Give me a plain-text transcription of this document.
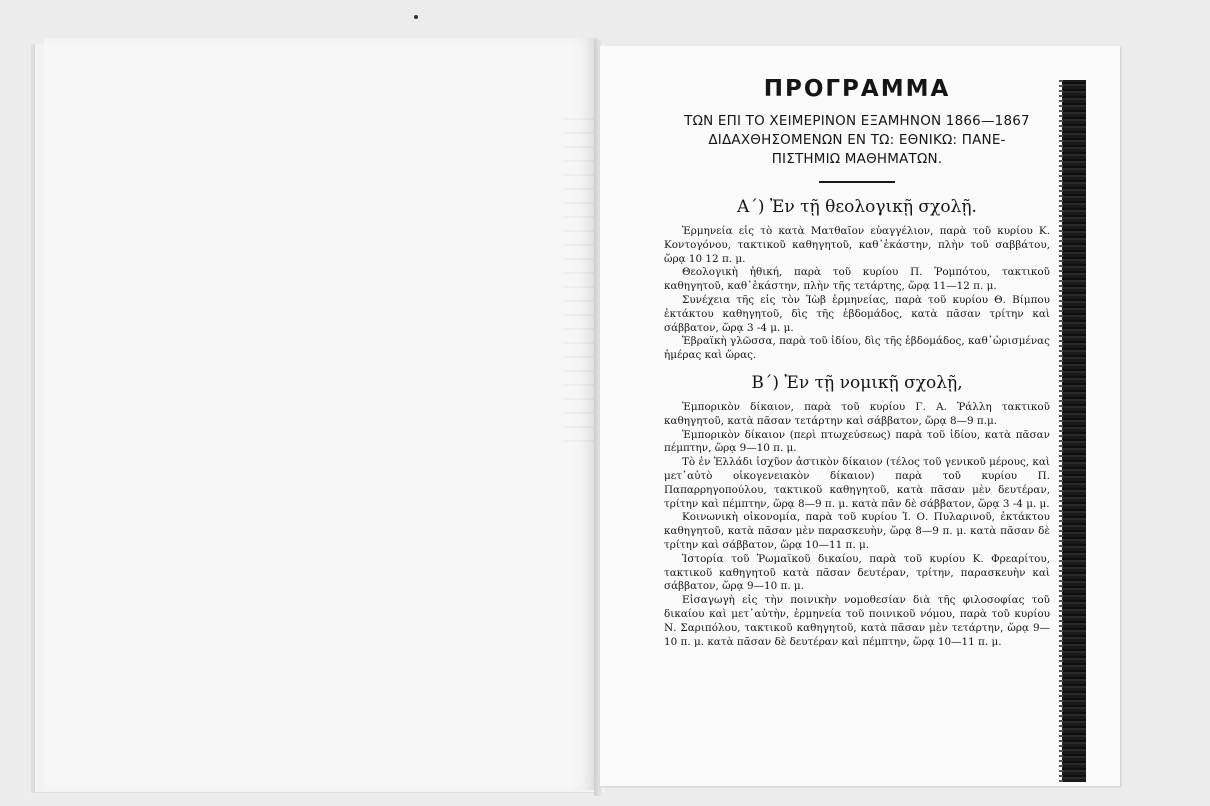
ΠΡΟΓΡΑΜΜΑ

ΤΩΝ ΕΠΙ ΤΟ ΧΕΙΜΕΡΙΝΟΝ ΕΞΑΜΗΝΟΝ 1866—1867

ΔΙΔΑΧΘΗΣΟΜΕΝΩΝ ΕΝ ΤΩ: ΕΘΝΙΚΩ: ΠΑΝΕ-

ΠΙΣΤΗΜΙΩ ΜΑΘΗΜΑΤΩΝ.

Α΄) Ἐν τῇ θεολογικῇ σχολῇ.

Ἑρμηνεία εἰς τὸ κατὰ Ματθαῖον εὐαγγέλιον, παρὰ τοῦ κυρίου Κ. Κοντογόνου, τακτικοῦ καθηγητοῦ, καθ᾽ἑκάστην, πλὴν τοῦ σαββάτου, ὥρᾳ 10 12 π. μ.

Θεολογικὴ ἠθική, παρὰ τοῦ κυρίου Π. Ῥομπότου, τακτικοῦ καθηγητοῦ, καθ᾽ἑκάστην, πλὴν τῆς τετάρτης, ὥρᾳ 11—12 π. μ.

Συνέχεια τῆς εἰς τὸν Ἰὼβ ἑρμηνείας, παρὰ τοῦ κυρίου Θ. Βίμπου ἐκτάκτου καθηγητοῦ, δὶς τῆς ἑβδομάδος, κατὰ πᾶσαν τρίτην καὶ σάββατον, ὥρᾳ 3 -4 μ. μ.

Ἑβραϊκὴ γλῶσσα, παρὰ τοῦ ἰδίου, δὶς τῆς ἑβδομάδος, καθ᾽ὡρισμένας ἡμέρας καὶ ὥρας.

Β΄) Ἐν τῇ νομικῇ σχολῇ,

Ἐμπορικὸν δίκαιον, παρὰ τοῦ κυρίου Γ. Α. Ῥάλλη τακτικοῦ καθηγητοῦ, κατὰ πᾶσαν τετάρτην καὶ σάββατον, ὥρᾳ 8—9 π.μ.

Ἐμπορικὸν δίκαιον (περὶ πτωχεύσεως) παρὰ τοῦ ἰδίου, κατὰ πᾶσαν πέμπτην, ὥρᾳ 9—10 π. μ.

Τὸ ἐν Ἑλλάδι ἰσχῦον ἀστικὸν δίκαιον (τέλος τοῦ γενικοῦ μέρους, καὶ μετ᾽αὐτὸ οἰκογενειακὸν δίκαιον) παρὰ τοῦ κυρίου Π. Παπαρρηγοπούλου, τακτικοῦ καθηγητοῦ, κατὰ πᾶσαν μὲν δευτέραν, τρίτην καὶ πέμπτην, ὥρᾳ 8—9 π. μ. κατὰ πᾶν δὲ σάββατον, ὥρᾳ 3 -4 μ. μ.

Κοινωνικὴ οἰκονομία, παρὰ τοῦ κυρίου Ἰ. Ο. Πυλαρινοῦ, ἐκτάκτου καθηγητοῦ, κατὰ πᾶσαν μὲν παρασκευὴν, ὥρᾳ 8—9 π. μ. κατὰ πᾶσαν δὲ τρίτην καὶ σάββατον, ὥρᾳ 10—11 π. μ.

Ἱστορία τοῦ Ῥωμαϊκοῦ δικαίου, παρὰ τοῦ κυρίου Κ. Φρεαρίτου, τακτικοῦ καθηγητοῦ κατὰ πᾶσαν δευτέραν, τρίτην, παρασκευὴν καὶ σάββατον, ὥρᾳ 9—10 π. μ.

Εἰσαγωγὴ εἰς τὴν ποινικὴν νομοθεσίαν διὰ τῆς φιλοσοφίας τοῦ δικαίου καὶ μετ᾽αὐτὴν, ἑρμηνεία τοῦ ποινικοῦ νόμου, παρὰ τοῦ κυρίου Ν. Σαριπόλου, τακτικοῦ καθηγητοῦ, κατὰ πᾶσαν μὲν τετάρτην, ὥρᾳ 9—10 π. μ. κατὰ πᾶσαν δὲ δευτέραν καὶ πέμπτην, ὥρᾳ 10—11 π. μ.
